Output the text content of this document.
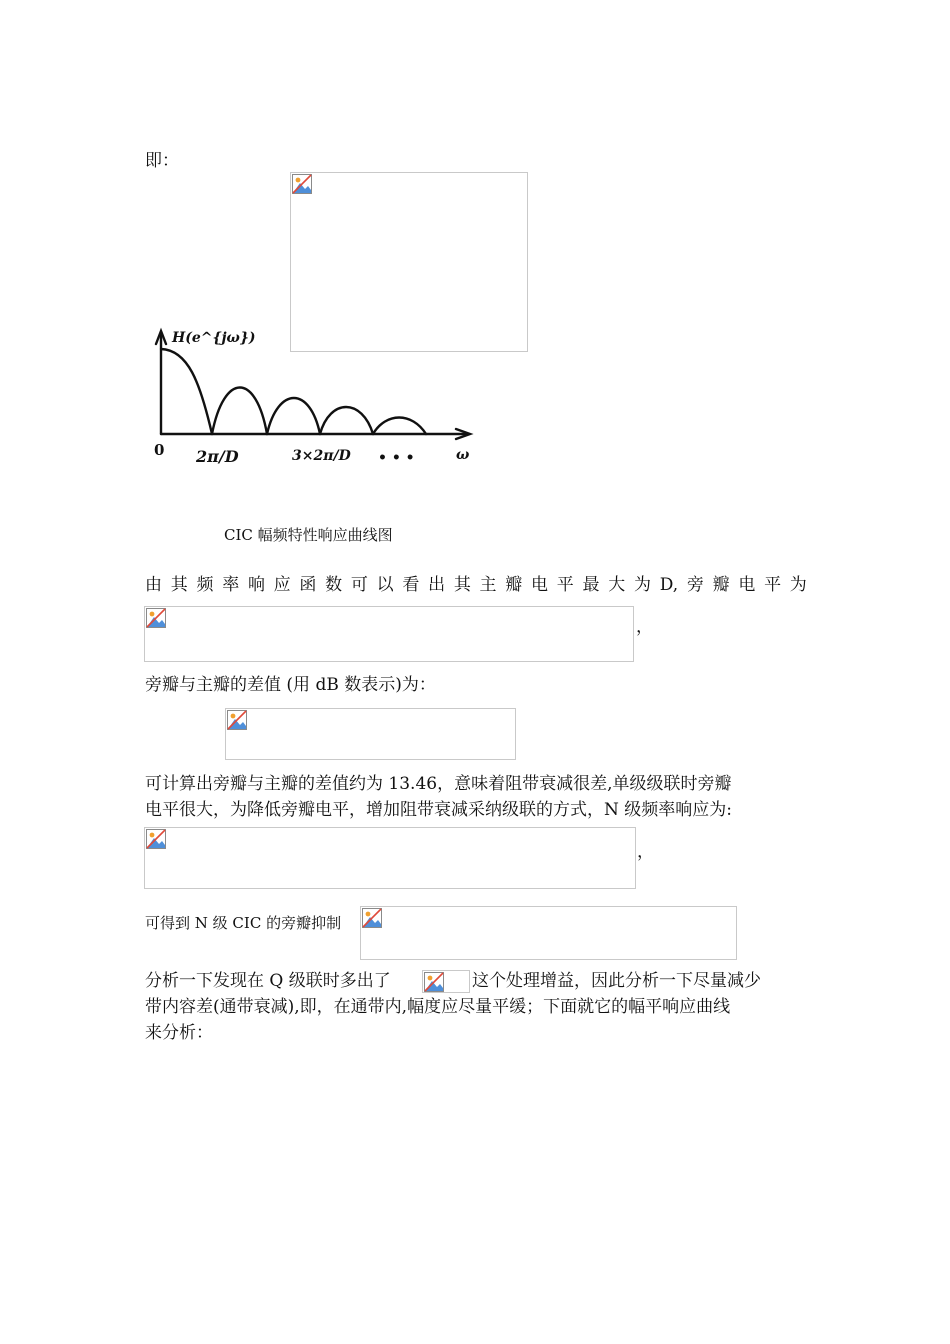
即：
H(e^{jω})
0 2π/D	3×2π/D • • •	ω
CIC 幅频特性响应曲线图
由 其 频 率 响 应 函 数 可 以 看 出 其 主 瓣 电 平 最 大 为 D, 旁 瓣 电 平 为
，
旁瓣与主瓣的差值 (用 dB 数表示)为：
可计算出旁瓣与主瓣的差值约为 13.46，意味着阻带衰减很差,单级级联时旁瓣
电平很大，为降低旁瓣电平，增加阻带衰减采纳级联的方式，N 级频率响应为:
，
可得到 N 级 CIC 的旁瓣抑制
分析一下发现在 Q 级联时多出了	这个处理增益，因此分析一下尽量减少
带内容差(通带衰减),即，在通带内,幅度应尽量平缓；下面就它的幅平响应曲线
来分析：
